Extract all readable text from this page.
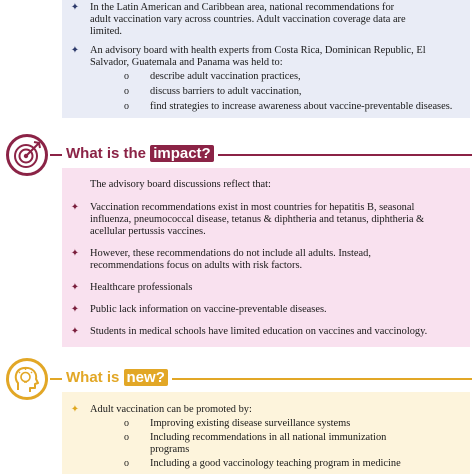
✦ In the Latin American and Caribbean area, national recommendations for

adult vaccination vary across countries. Adult vaccination coverage data are

limited.

✦ An advisory board with health experts from Costa Rica, Dominican Republic, El

Salvador, Guatemala and Panama was held to:

o describe adult vaccination practices,

o discuss barriers to adult vaccination,

o find strategies to increase awareness about vaccine-preventable diseases.

What is the impact?

The advisory board discussions reflect that:

✦ Vaccination recommendations exist in most countries for hepatitis B, seasonal

influenza, pneumococcal disease, tetanus & diphtheria and tetanus, diphtheria &

acellular pertussis vaccines.

✦ However, these recommendations do not include all adults. Instead,

recommendations focus on adults with risk factors.

✦ Healthcare professionals

✦ Public lack information on vaccine-preventable diseases.

✦ Students in medical schools have limited education on vaccines and vaccinology.

What is new?
✦ Adult vaccination can be promoted by:

o Improving existing disease surveillance systems

o Including recommendations in all national immunization

programs

o Including a good vaccinology teaching program in medicine
